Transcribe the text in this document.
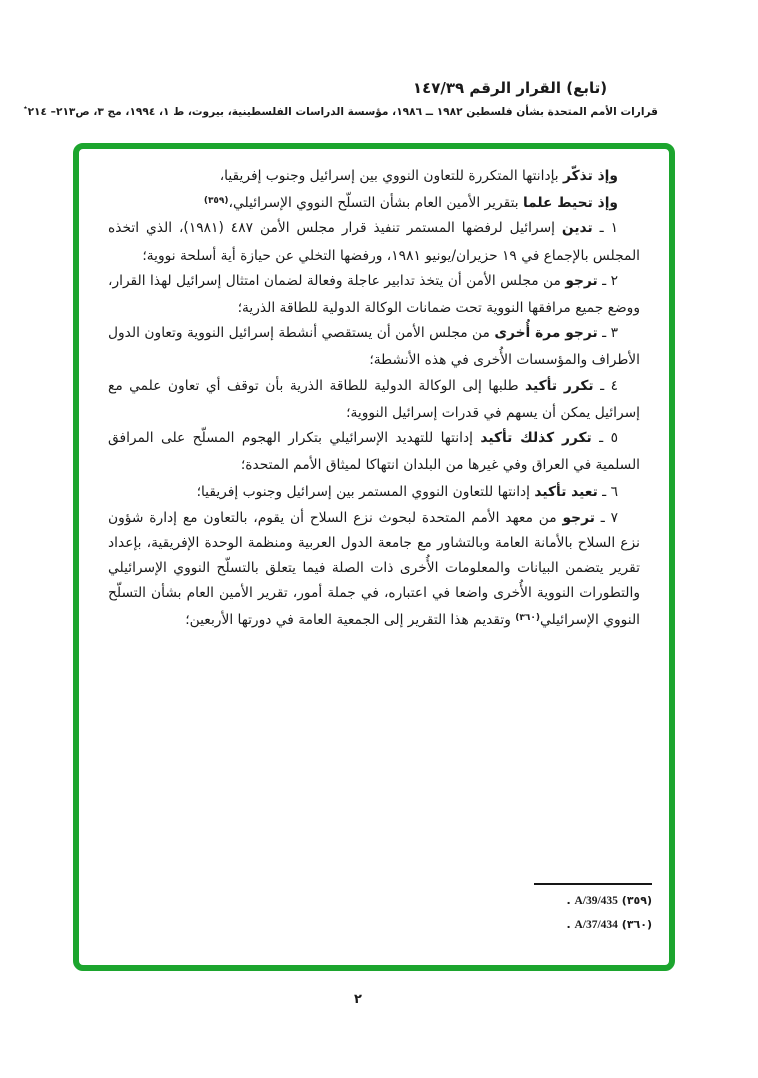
(تابع) القرار الرقم ١٤٧/٣٩
قرارات الأمم المتحدة بشأن فلسطين ١٩٨٢ ــ ١٩٨٦، مؤسسة الدراسات الفلسطينية، بيروت، ط ١، ١٩٩٤، مج ٣، ص٢١٣– ٢١٤٭

وإذ تذكّر بإدانتها المتكررة للتعاون النووي بين إسرائيل وجنوب إفريقيا،

وإذ تحيط علما بتقرير الأمين العام بشأن التسلّح النووي الإسرائيلي،$^{(٣٥٩)}$

١ ـ تدين إسرائيل لرفضها المستمر تنفيذ قرار مجلس الأمن ٤٨٧ (١٩٨١)، الذي اتخذه المجلس بالإجماع في ١٩ حزيران/يونيو ١٩٨١، ورفضها التخلي عن حيازة أية أسلحة نووية؛

٢ ـ ترجو من مجلس الأمن أن يتخذ تدابير عاجلة وفعالة لضمان امتثال إسرائيل لهذا القرار، ووضع جميع مرافقها النووية تحت ضمانات الوكالة الدولية للطاقة الذرية؛

٣ ـ ترجو مرة أُخرى من مجلس الأمن أن يستقصي أنشطة إسرائيل النووية وتعاون الدول الأطراف والمؤسسات الأُخرى في هذه الأنشطة؛

٤ ـ تكرر تأكيد طلبها إلى الوكالة الدولية للطاقة الذرية بأن توقف أي تعاون علمي مع إسرائيل يمكن أن يسهم في قدرات إسرائيل النووية؛

٥ ـ تكرر كذلك تأكيد إدانتها للتهديد الإسرائيلي بتكرار الهجوم المسلّح على المرافق السلمية في العراق وفي غيرها من البلدان انتهاكا لميثاق الأمم المتحدة؛

٦ ـ تعيد تأكيد إدانتها للتعاون النووي المستمر بين إسرائيل وجنوب إفريقيا؛

٧ ـ ترجو من معهد الأمم المتحدة لبحوث نزع السلاح أن يقوم، بالتعاون مع إدارة شؤون نزع السلاح بالأمانة العامة وبالتشاور مع جامعة الدول العربية ومنظمة الوحدة الإفريقية، بإعداد تقرير يتضمن البيانات والمعلومات الأُخرى ذات الصلة فيما يتعلق بالتسلّح النووي الإسرائيلي والتطورات النووية الأُخرى واضعا في اعتباره، في جملة أمور، تقرير الأمين العام بشأن التسلّح النووي الإسرائيلي$^{(٣٦٠)}$ وتقديم هذا التقرير إلى الجمعية العامة في دورتها الأربعين؛

(٣٥٩) A/39/435 .
(٣٦٠) A/37/434 .
٢
